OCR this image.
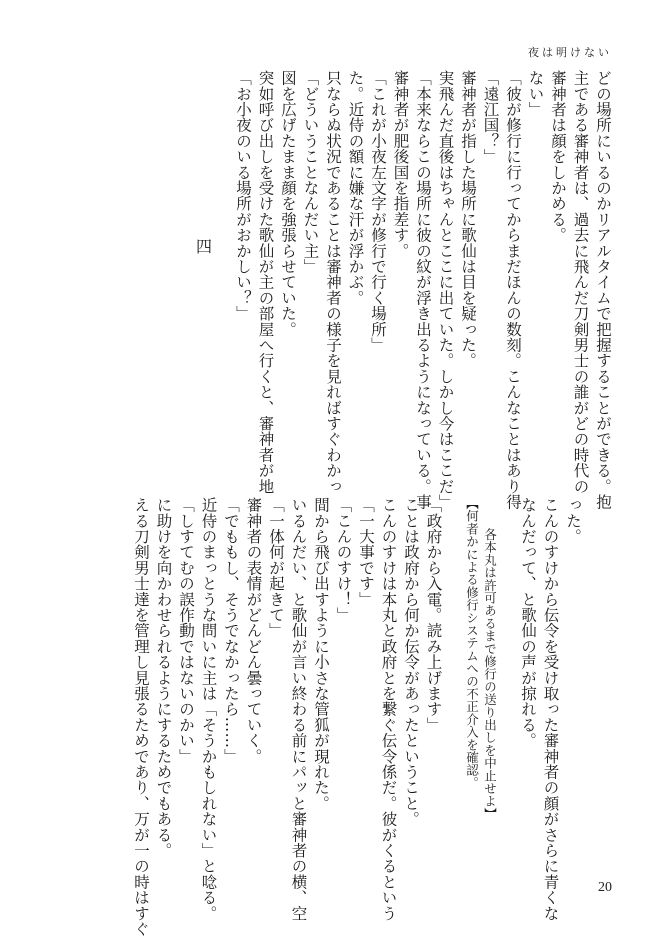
夜は明けない

どの場所にいるのかリアルタイムで把握することができる。抱

主である審神者は、過去に飛んだ刀剣男士の誰がどの時代の

審神者は顔をしかめる。

ない」

「彼が修行に行ってからまだほんの数刻。こんなことはあり得

「遠江国？」

審神者が指した場所に歌仙は目を疑った。

実飛んだ直後はちゃんとここに出ていた。しかし今はここだ」

「本来ならこの場所に彼の紋が浮き出るようになっている。事

審神者が肥後国を指差す。

「これが小夜左文字が修行で行く場所」

た。近侍の額に嫌な汗が浮かぶ。

只ならぬ状況であることは審神者の様子を見ればすぐわかっ

「どういうことなんだい主」

図を広げたまま顔を強張らせていた。

突如呼び出しを受けた歌仙が主の部屋へ行くと、審神者が地

「お小夜のいる場所がおかしい？」

四

った。

こんのすけから伝令を受け取った審神者の顔がさらに青くな

なんだって、と歌仙の声が掠れる。

各本丸は許可あるまで修行の送り出しを中止せよ】

【何者かによる修行システムへの不正介入を確認。

「政府から入電。読み上げます」

ことは政府から何か伝令があったということ。

こんのすけは本丸と政府とを繋ぐ伝令係だ。彼がくるという

「一大事です」

「こんのすけ！」

間から飛び出すように小さな管狐が現れた。

いるんだい、と歌仙が言い終わる前にパッと審神者の横、空

「一体何が起きて」

審神者の表情がどんどん曇っていく。

「でももし、そうでなかったら……」

近侍のまっとうな問いに主は「そうかもしれない」と唸る。

「しすてむの誤作動ではないのかい」

に助けを向かわせられるようにするためでもある。

える刀剣男士達を管理し見張るためであり、万が一の時はすぐ	20
